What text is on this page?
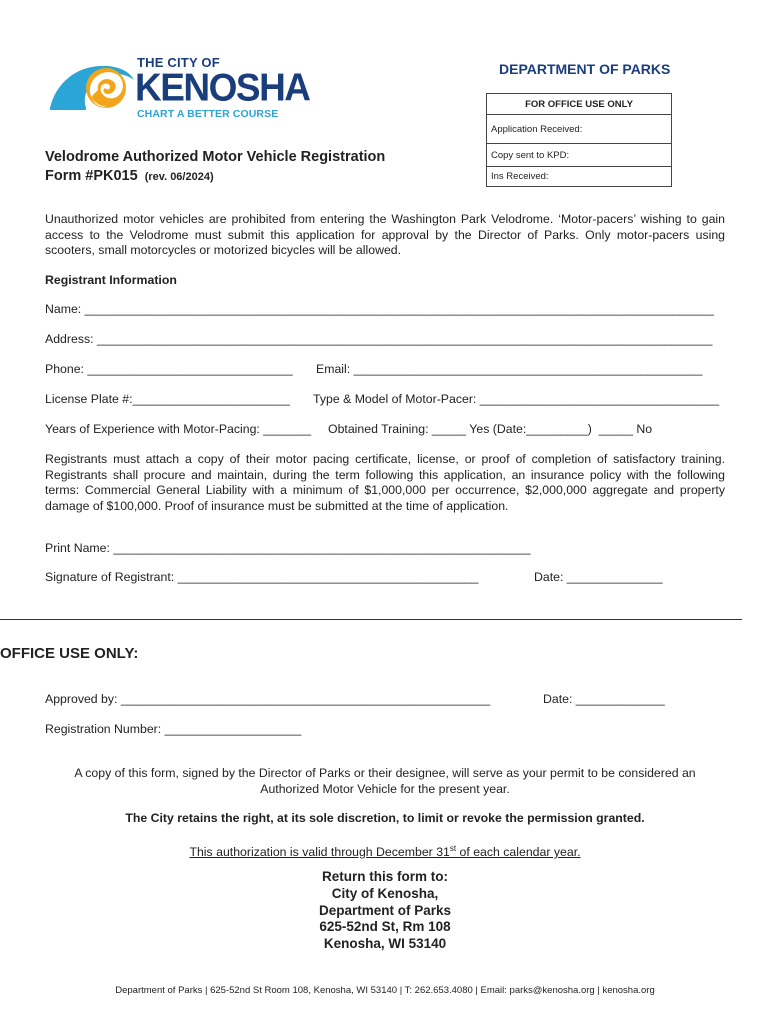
THE CITY OF
KENOSHA
CHART A BETTER COURSE
DEPARTMENT OF PARKS
FOR OFFICE USE ONLY
Application Received:
Copy sent to KPD:
Ins Received:
Velodrome Authorized Motor Vehicle Registration
Form #PK015 (rev. 06/2024)
Unauthorized motor vehicles are prohibited from entering the Washington Park Velodrome. ‘Motor-pacers’ wishing to gain access to the Velodrome must submit this application for approval by the Director of Parks. Only motor-pacers using scooters, small motorcycles or motorized bicycles will be allowed.
Registrant Information
Name: ____________________________________________________________________________________________
Address: __________________________________________________________________________________________
Phone: ______________________________ Email: ___________________________________________________
License Plate #:_______________________ Type & Model of Motor-Pacer: ___________________________________
Years of Experience with Motor-Pacing: _______ Obtained Training: _____ Yes (Date:_________)  _____ No
Registrants must attach a copy of their motor pacing certificate, license, or proof of completion of satisfactory training. Registrants shall procure and maintain, during the term following this application, an insurance policy with the following terms: Commercial General Liability with a minimum of $1,000,000 per occurrence, $2,000,000 aggregate and property damage of $100,000. Proof of insurance must be submitted at the time of application.
Print Name: _____________________________________________________________
Signature of Registrant: ____________________________________________	Date: ______________
OFFICE USE ONLY:
Approved by: ______________________________________________________	Date: _____________
Registration Number: ____________________
A copy of this form, signed by the Director of Parks or their designee, will serve as your permit to be considered an Authorized Motor Vehicle for the present year.
The City retains the right, at its sole discretion, to limit or revoke the permission granted.
This authorization is valid through December 31st of each calendar year.
Return this form to:
City of Kenosha,
Department of Parks
625-52nd St, Rm 108
Kenosha, WI 53140
Department of Parks | 625-52nd St Room 108, Kenosha, WI 53140 | T: 262.653.4080 | Email: parks@kenosha.org | kenosha.org
